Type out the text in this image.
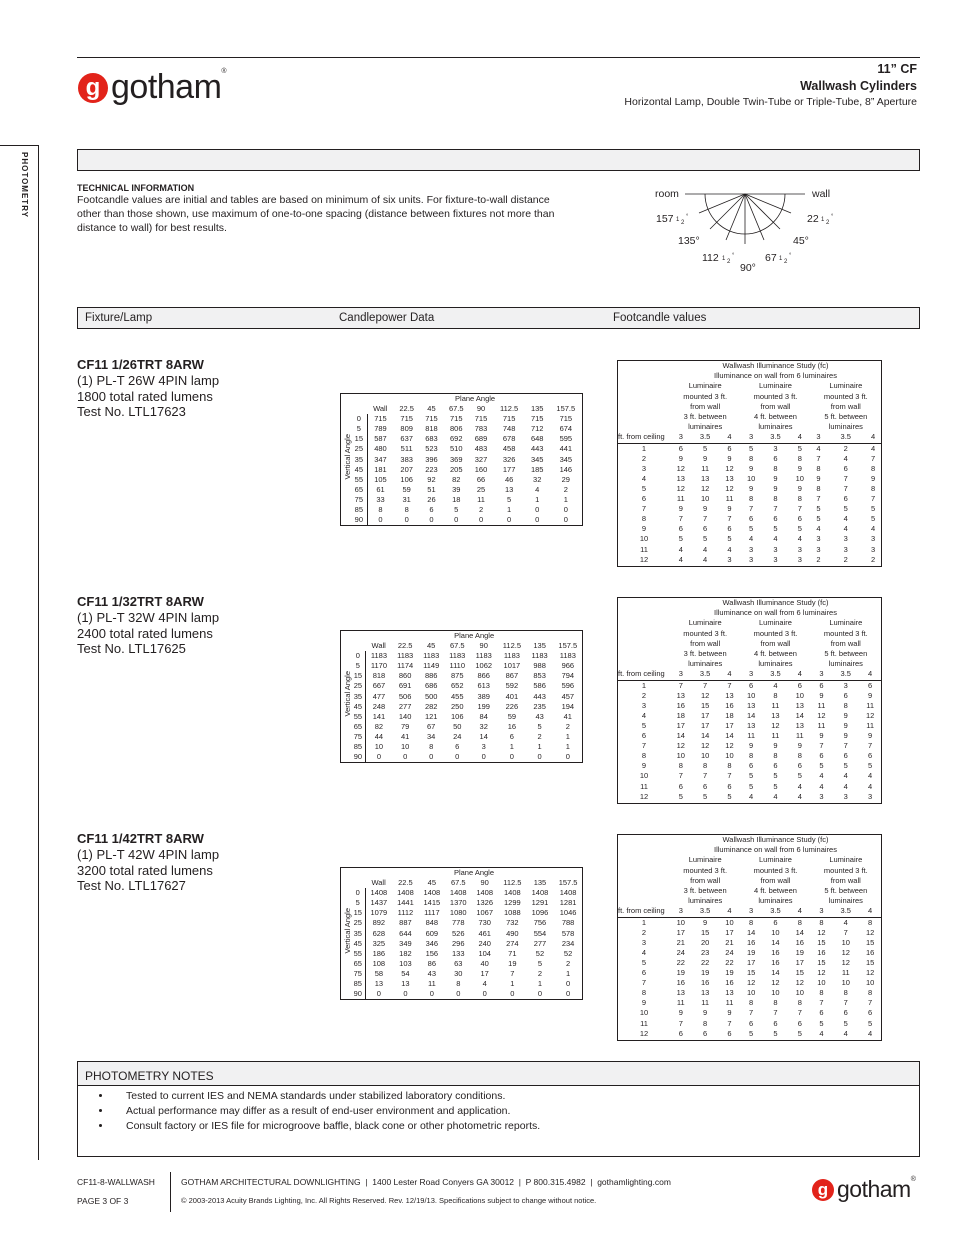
g gotham®	11” CF
Wallwash Cylinders
Horizontal Lamp, Double Twin-Tube or Triple-Tube, 8” Aperture
PHOTOMETRY	TECHNICAL INFORMATION
Footcandle values are initial and tables are based on minimum of six units. For fixture-to-wall distance other than those shown, use maximum of one-to-one spacing (distance between fixtures not more than distance to wall) for best results.
room	wall
157 1 2
°
135°
112 1 2
°
90°
67 1 2
°
45°
22 1 2
°
Fixture/Lamp	Candlepower Data	Footcandle values
CF11 1/26TRT 8ARW
(1) PL-T 26W 4PIN lamp
1800 total rated lumens
Test No. LTL17623
Vertical Angle
	Plane Angle							
	Wall	22.5	45	67.5	90	112.5	135	157.5
0	715	715	715	715	715	715	715	715
5	789	809	818	806	783	748	712	674
15	587	637	683	692	689	678	648	595
25	480	511	523	510	483	458	443	441
35	347	383	396	369	327	326	345	345
45	181	207	223	205	160	177	185	146
55	105	106	92	82	66	46	32	29
65	61	59	51	39	25	13	4	2
75	33	31	26	18	11	5	1	1
85	8	8	6	5	2	1	0	0
90	0	0	0	0	0	0	0	0
	Wallwash Illuminance Study (fc)								
	Illuminance on wall from 6 luminaires								
	Luminaire			Luminaire			Luminaire		
	mounted 3 ft.			mounted 3 ft.			mounted 3 ft.		
	from wall			from wall			from wall		
	3 ft. between			4 ft. between			5 ft. between		
	luminaires			luminaires			luminaires		
ft. from ceiling	3	3.5	4	3	3.5	4	3	3.5	4
1	6	5	6	5	3	5	4	2	4
2	9	9	9	8	6	8	7	4	7
3	12	11	12	9	8	9	8	6	8
4	13	13	13	10	9	10	9	7	9
5	12	12	12	9	9	9	8	7	8
6	11	10	11	8	8	8	7	6	7
7	9	9	9	7	7	7	5	5	5
8	7	7	7	6	6	6	5	4	5
9	6	6	6	5	5	5	4	4	4
10	5	5	5	4	4	4	3	3	3
11	4	4	4	3	3	3	3	3	3
12	4	4	3	3	3	3	2	2	2
CF11 1/32TRT 8ARW
(1) PL-T 32W 4PIN lamp
2400 total rated lumens
Test No. LTL17625
Vertical Angle
	Plane Angle							
	Wall	22.5	45	67.5	90	112.5	135	157.5
0	1183	1183	1183	1183	1183	1183	1183	1183
5	1170	1174	1149	1110	1062	1017	988	966
15	818	860	886	875	866	867	853	794
25	667	691	686	652	613	592	586	596
35	477	506	500	455	389	401	443	457
45	248	277	282	250	199	226	235	194
55	141	140	121	106	84	59	43	41
65	82	79	67	50	32	16	5	2
75	44	41	34	24	14	6	2	1
85	10	10	8	6	3	1	1	1
90	0	0	0	0	0	0	0	0
	Wallwash Illuminance Study (fc)								
	Illuminance on wall from 6 luminaires								
	Luminaire			Luminaire			Luminaire		
	mounted 3 ft.			mounted 3 ft.			mounted 3 ft.		
	from wall			from wall			from wall		
	3 ft. between			4 ft. between			5 ft. between		
	luminaires			luminaires			luminaires		
ft. from ceiling	3	3.5	4	3	3.5	4	3	3.5	4
1	7	7	7	6	4	6	6	3	6
2	13	12	13	10	8	10	9	6	9
3	16	15	16	13	11	13	11	8	11
4	18	17	18	14	13	14	12	9	12
5	17	17	17	13	12	13	11	9	11
6	14	14	14	11	11	11	9	9	9
7	12	12	12	9	9	9	7	7	7
8	10	10	10	8	8	8	6	6	6
9	8	8	8	6	6	6	5	5	5
10	7	7	7	5	5	5	4	4	4
11	6	6	6	5	5	4	4	4	4
12	5	5	5	4	4	4	3	3	3
CF11 1/42TRT 8ARW
(1) PL-T 42W 4PIN lamp
3200 total rated lumens
Test No. LTL17627
Vertical Angle
	Plane Angle							
	Wall	22.5	45	67.5	90	112.5	135	157.5
0	1408	1408	1408	1408	1408	1408	1408	1408
5	1437	1441	1415	1370	1326	1299	1291	1281
15	1079	1112	1117	1080	1067	1088	1096	1046
25	892	887	848	778	730	732	756	788
35	628	644	609	526	461	490	554	578
45	325	349	346	296	240	274	277	234
55	186	182	156	133	104	71	52	52
65	108	103	86	63	40	19	5	2
75	58	54	43	30	17	7	2	1
85	13	13	11	8	4	1	1	0
90	0	0	0	0	0	0	0	0
	Wallwash Illuminance Study (fc)								
	Illuminance on wall from 6 luminaires								
	Luminaire			Luminaire			Luminaire		
	mounted 3 ft.			mounted 3 ft.			mounted 3 ft.		
	from wall			from wall			from wall		
	3 ft. between			4 ft. between			5 ft. between		
	luminaires			luminaires			luminaires		
ft. from ceiling	3	3.5	4	3	3.5	4	3	3.5	4
1	10	9	10	8	6	8	8	4	8
2	17	15	17	14	10	14	12	7	12
3	21	20	21	16	14	16	15	10	15
4	24	23	24	19	16	19	16	12	16
5	22	22	22	17	16	17	15	12	15
6	19	19	19	15	14	15	12	11	12
7	16	16	16	12	12	12	10	10	10
8	13	13	13	10	10	10	8	8	8
9	11	11	11	8	8	8	7	7	7
10	9	9	9	7	7	7	6	6	6
11	7	8	7	6	6	6	5	5	5
12	6	6	6	5	5	5	4	4	4
PHOTOMETRY NOTES
• Tested to current IES and NEMA standards under stabilized laboratory conditions.
• Actual performance may differ as a result of end-user environment and application.
• Consult factory or IES file for microgroove baffle, black cone or other photometric reports.
CF11-8-WALLWASH
PAGE 3 OF 3
GOTHAM ARCHITECTURAL DOWNLIGHTING  |  1400 Lester Road Conyers GA 30012  |  P 800.315.4982  |  gothamlighting.com
© 2003-2013 Acuity Brands Lighting, Inc. All Rights Reserved. Rev. 12/19/13. Specifications subject to change without notice.
g gotham®
